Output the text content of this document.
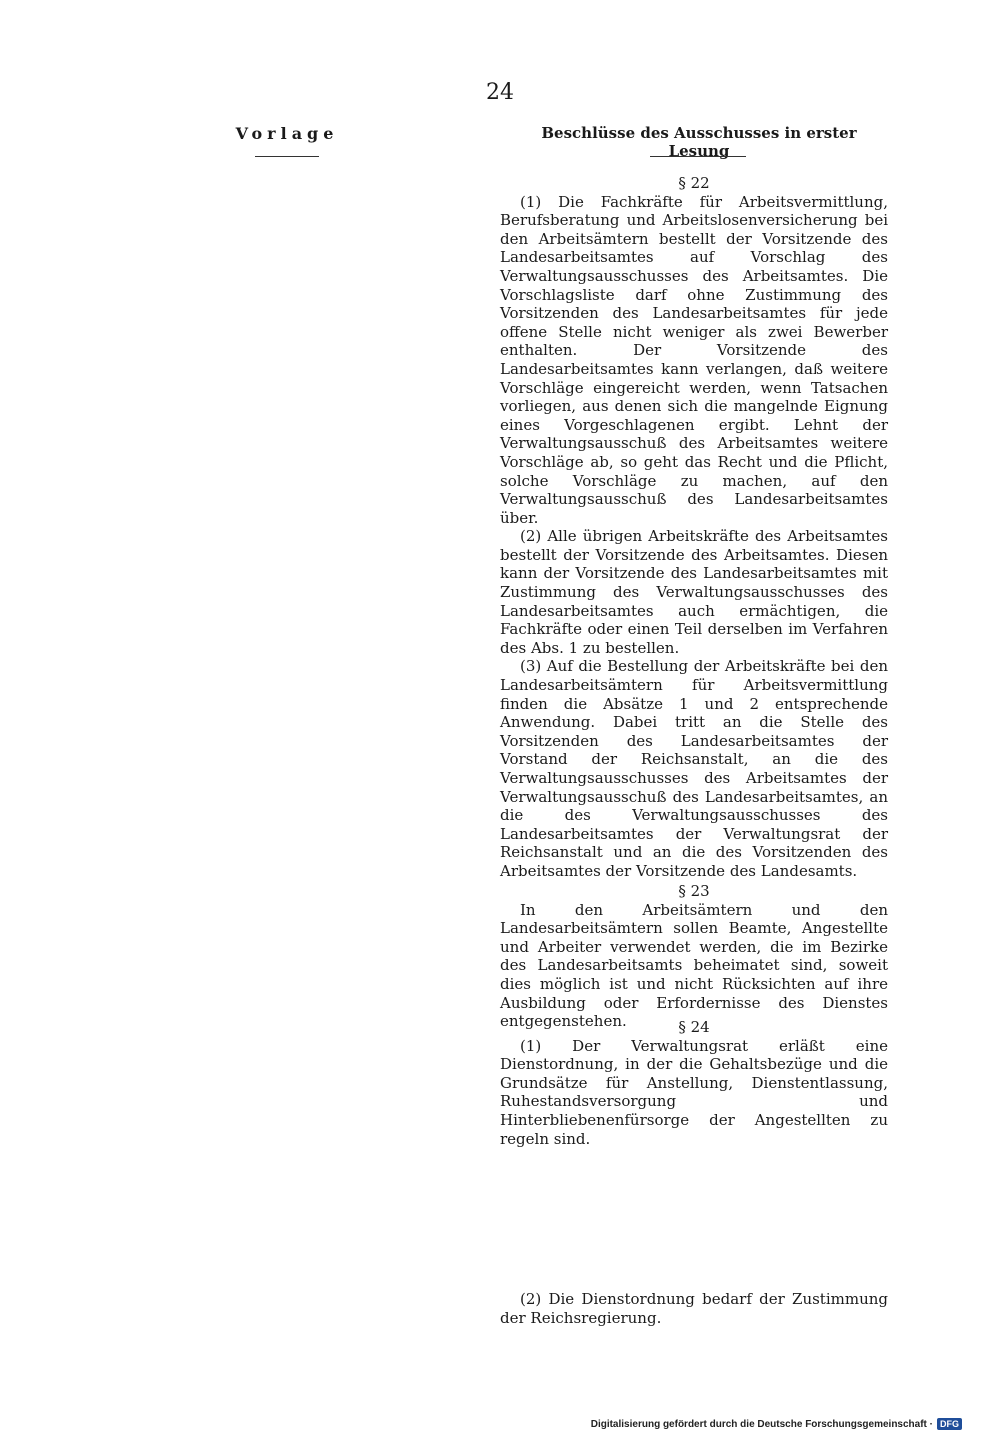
24
Vorlage	Beschlüsse des Ausschusses in erster Lesung

§ 22

(1) Die Fachkräfte für Arbeitsvermittlung, Berufsberatung und Arbeitslosenversicherung bei den Arbeitsämtern bestellt der Vorsitzende des Landesarbeitsamtes auf Vorschlag des Verwaltungsausschusses des Arbeitsamtes. Die Vorschlagsliste darf ohne Zustimmung des Vorsitzenden des Landesarbeitsamtes für jede offene Stelle nicht weniger als zwei Bewerber enthalten. Der Vorsitzende des Landesarbeitsamtes kann verlangen, daß weitere Vorschläge eingereicht werden, wenn Tatsachen vorliegen, aus denen sich die mangelnde Eignung eines Vorgeschlagenen ergibt. Lehnt der Verwaltungsausschuß des Arbeitsamtes weitere Vorschläge ab, so geht das Recht und die Pflicht, solche Vorschläge zu machen, auf den Verwaltungsausschuß des Landesarbeitsamtes über.

(2) Alle übrigen Arbeitskräfte des Arbeitsamtes bestellt der Vorsitzende des Arbeitsamtes. Diesen kann der Vorsitzende des Landesarbeitsamtes mit Zustimmung des Verwaltungsausschusses des Landesarbeitsamtes auch ermächtigen, die Fachkräfte oder einen Teil derselben im Verfahren des Abs. 1 zu bestellen.

(3) Auf die Bestellung der Arbeitskräfte bei den Landesarbeitsämtern für Arbeitsvermittlung finden die Absätze 1 und 2 entsprechende Anwendung. Dabei tritt an die Stelle des Vorsitzenden des Landesarbeitsamtes der Vorstand der Reichsanstalt, an die des Verwaltungsausschusses des Arbeitsamtes der Verwaltungsausschuß des Landesarbeitsamtes, an die des Verwaltungsausschusses des Landesarbeitsamtes der Verwaltungsrat der Reichsanstalt und an die des Vorsitzenden des Arbeitsamtes der Vorsitzende des Landesamts.

§ 23

In den Arbeitsämtern und den Landesarbeitsämtern sollen Beamte, Angestellte und Arbeiter verwendet werden, die im Bezirke des Landesarbeitsamts beheimatet sind, soweit dies möglich ist und nicht Rücksichten auf ihre Ausbildung oder Erfordernisse des Dienstes entgegenstehen.	§ 24

(1) Der Verwaltungsrat erläßt eine Dienstordnung, in der die Gehaltsbezüge und die Grundsätze für Anstellung, Dienstentlassung, Ruhestandsversorgung und Hinterbliebenenfürsorge der Angestellten zu regeln sind.

(2) Die Dienstordnung bedarf der Zustimmung der Reichsregierung.

Digitalisierung gefördert durch die Deutsche Forschungsgemeinschaft · DFG
